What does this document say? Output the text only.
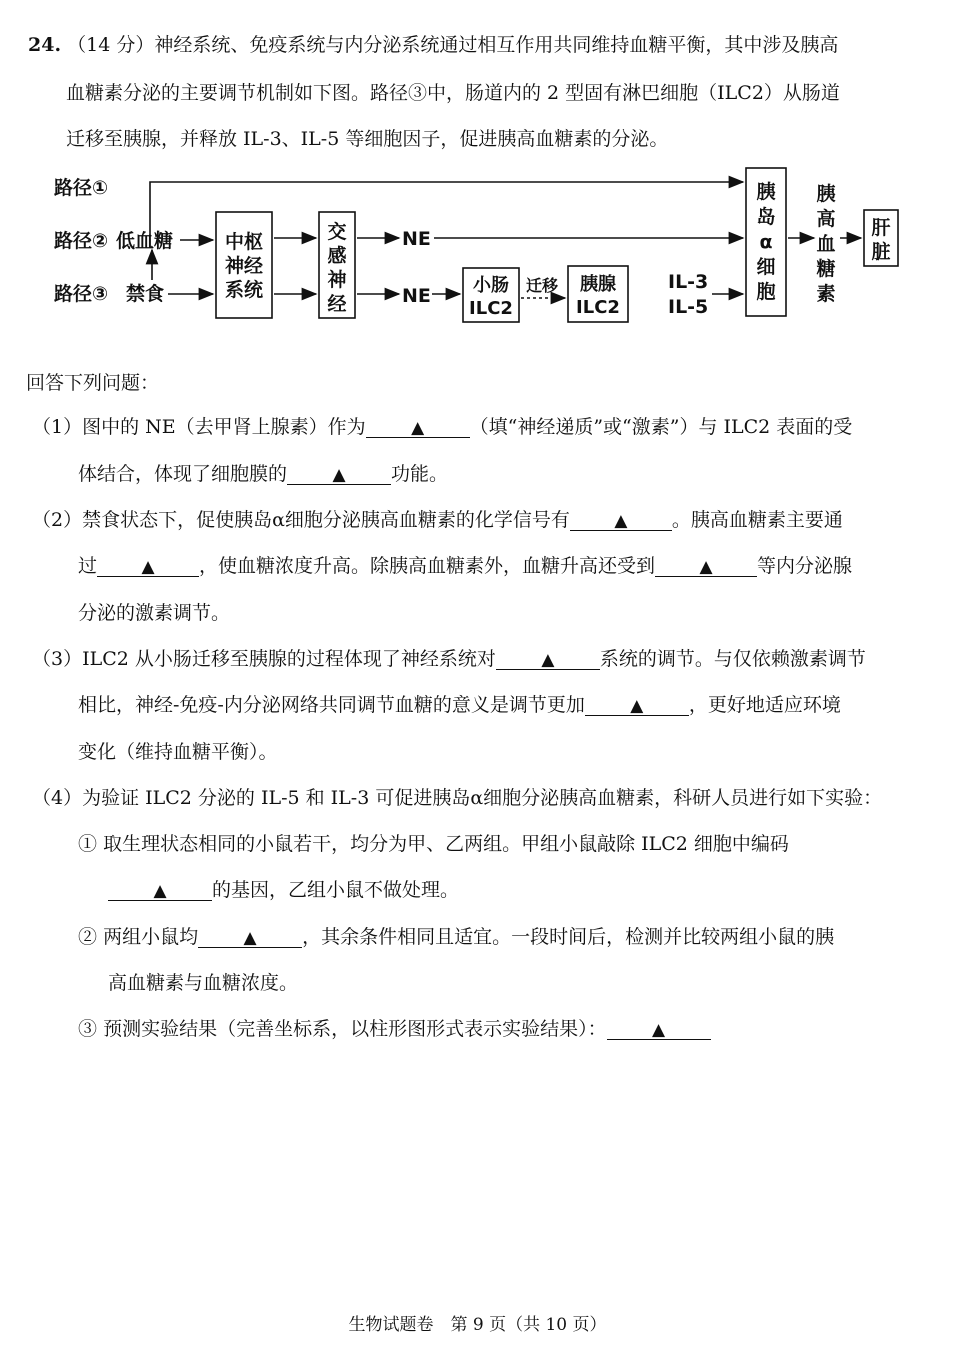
24. （14 分）神经系统、免疫系统与内分泌系统通过相互作用共同维持血糖平衡，其中涉及胰高
血糖素分泌的主要调节机制如下图。路径③中，肠道内的 2 型固有淋巴细胞（ILC2）从肠道
迁移至胰腺，并释放 IL-3、IL-5 等细胞因子，促进胰高血糖素的分泌。
路径①
路径②
路径③
低血糖
禁食
中枢
神经
系统
交
感
神
经
NE
NE 小肠
ILC2
迁移 胰腺
ILC2
IL-3
IL-5
胰
岛
α
细
胞
胰
高
血
糖
素
肝
脏
回答下列问题：
（1）图中的 NE（去甲肾上腺素）作为	▲ （填“神经递质”或“激素”）与 ILC2 表面的受
体结合，体现了细胞膜的	▲ 功能。
（2）禁食状态下，促使胰岛α细胞分泌胰高血糖素的化学信号有	▲ 。胰高血糖素主要通
过	▲ ，使血糖浓度升高。除胰高血糖素外，血糖升高还受到	▲ 等内分泌腺
分泌的激素调节。
（3）ILC2 从小肠迁移至胰腺的过程体现了神经系统对	▲ 系统的调节。与仅依赖激素调节
相比，神经-免疫-内分泌网络共同调节血糖的意义是调节更加	▲ ，更好地适应环境
变化（维持血糖平衡）。
（4）为验证 ILC2 分泌的 IL-5 和 IL-3 可促进胰岛α细胞分泌胰高血糖素，科研人员进行如下实验：
① 取生理状态相同的小鼠若干，均分为甲、乙两组。甲组小鼠敲除 ILC2 细胞中编码
▲ 的基因，乙组小鼠不做处理。
② 两组小鼠均	▲ ，其余条件相同且适宜。一段时间后，检测并比较两组小鼠的胰
高血糖素与血糖浓度。
③ 预测实验结果（完善坐标系，以柱形图形式表示实验结果）：	▲
生物试题卷　第 9 页（共 10 页）
